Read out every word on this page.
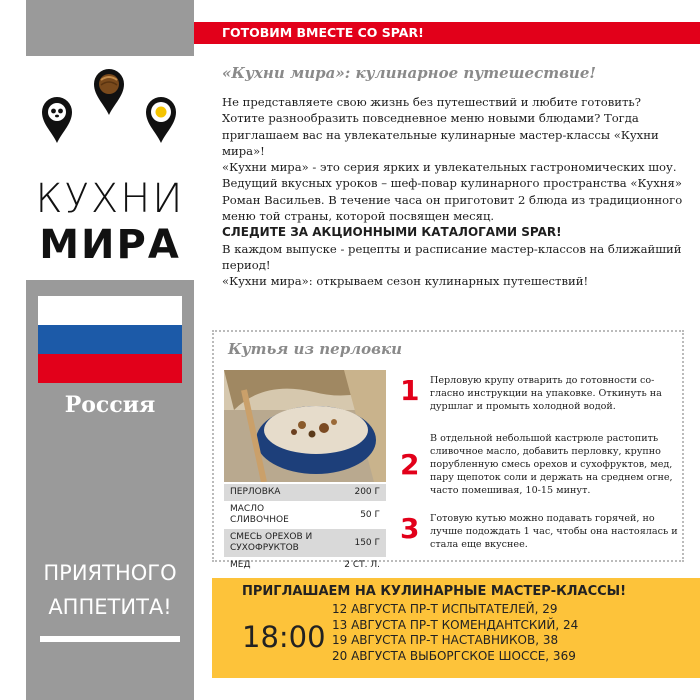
КУХНИ
МИРА
Россия
ПРИЯТНОГО
АППЕТИТА!
ГОТОВИМ ВМЕСТЕ СО SPAR!
«Кухни мира»: кулинарное путешествие!

Не представляете свою жизнь без путешествий и любите готовить? Хотите разнообразить повседневное меню новыми блюдами? Тогда приглашаем вас на увлекательные кулинарные мастер-классы «Кухни мира»!

«Кухни мира» - это серия ярких и увлекательных гастрономических шоу. Ведущий вкусных уроков – шеф-повар кулинарного пространства «Кухня» Роман Васильев. В течение часа он приготовит 2 блюда из традиционного меню той страны, которой посвящен месяц.

СЛЕДИТЕ ЗА АКЦИОННЫМИ КАТАЛОГАМИ SPAR!

В каждом выпуске - рецепты и расписание мастер-классов на ближайший период!

«Кухни мира»: открываем сезон кулинарных путешествий!

Кутья из перловки
ПЕРЛОВКА	200 Г
МАСЛО СЛИВОЧНОЕ
50 Г
СМЕСЬ ОРЕХОВ И СУХОФРУКТОВ
150 Г
МЕД	2 СТ. Л.
1 Перловую крупу отварить до готовности со-гласно инструкции на упаковке. Откинуть на дуршлаг и промыть холодной водой.
2
В отдельной небольшой кастрюле растопить сливочное масло, добавить перловку, крупно порубленную смесь орехов и сухофруктов, мед, пару щепоток соли и держать на среднем огне, часто помешивая, 10-15 минут.
3 Готовую кутью можно подавать горячей, но лучше подождать 1 час, чтобы она настоялась и стала еще вкуснее.
ПРИГЛАШАЕМ НА КУЛИНАРНЫЕ МАСТЕР-КЛАССЫ!
18:00
12 АВГУСТА ПР-Т ИСПЫТАТЕЛЕЙ, 29
13 АВГУСТА ПР-Т КОМЕНДАНТСКИЙ, 24
19 АВГУСТА ПР-Т НАСТАВНИКОВ, 38
20 АВГУСТА ВЫБОРГСКОЕ ШОССЕ, 369
